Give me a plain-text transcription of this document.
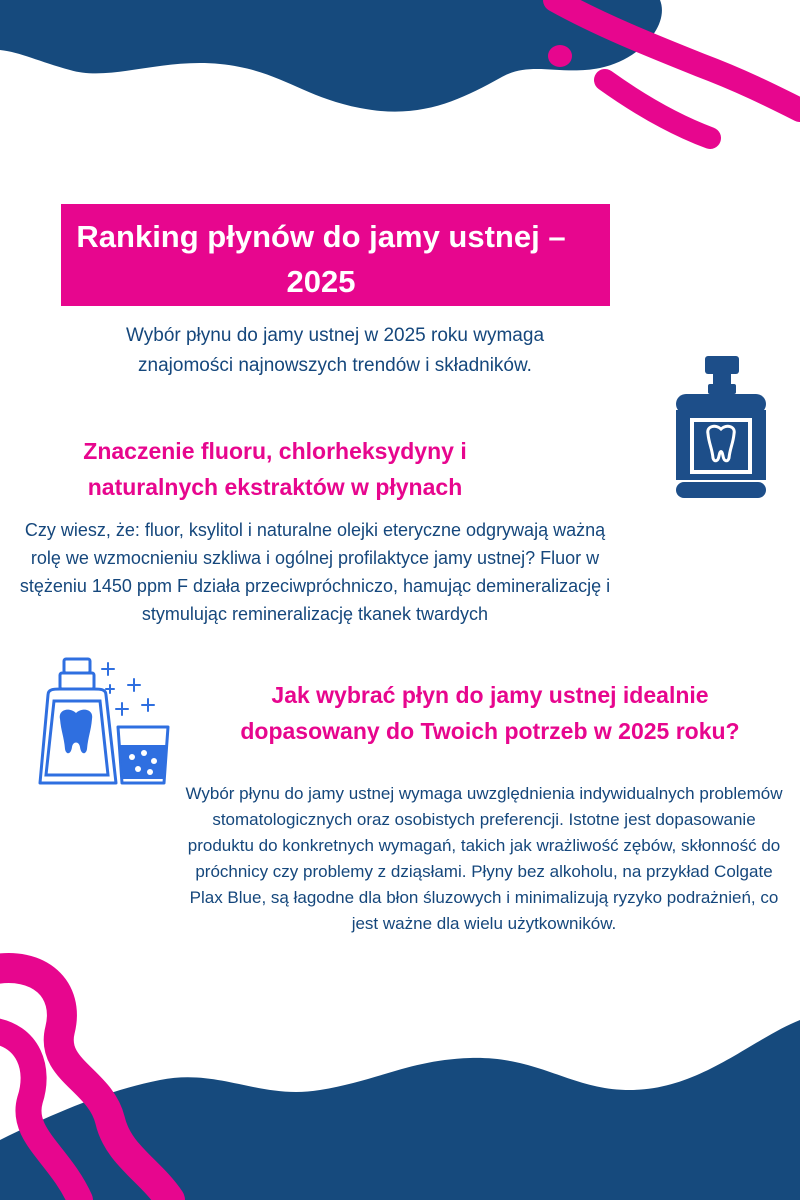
Ranking płynów do jamy ustnej – 2025

Wybór płynu do jamy ustnej w 2025 roku wymaga znajomości najnowszych trendów i składników.

Znaczenie fluoru, chlorheksydyny i naturalnych ekstraktów w płynach

Czy wiesz, że: fluor, ksylitol i naturalne olejki eteryczne odgrywają ważną rolę we wzmocnieniu szkliwa i ogólnej profilaktyce jamy ustnej? Fluor w stężeniu 1450 ppm F działa przeciwpróchniczo, hamując demineralizację i stymulując remineralizację tkanek twardych

Jak wybrać płyn do jamy ustnej idealnie dopasowany do Twoich potrzeb w 2025 roku?

Wybór płynu do jamy ustnej wymaga uwzględnienia indywidualnych problemów stomatologicznych oraz osobistych preferencji. Istotne jest dopasowanie produktu do konkretnych wymagań, takich jak wrażliwość zębów, skłonność do próchnicy czy problemy z dziąsłami. Płyny bez alkoholu, na przykład Colgate Plax Blue, są łagodne dla błon śluzowych i minimalizują ryzyko podrażnień, co jest ważne dla wielu użytkowników.
